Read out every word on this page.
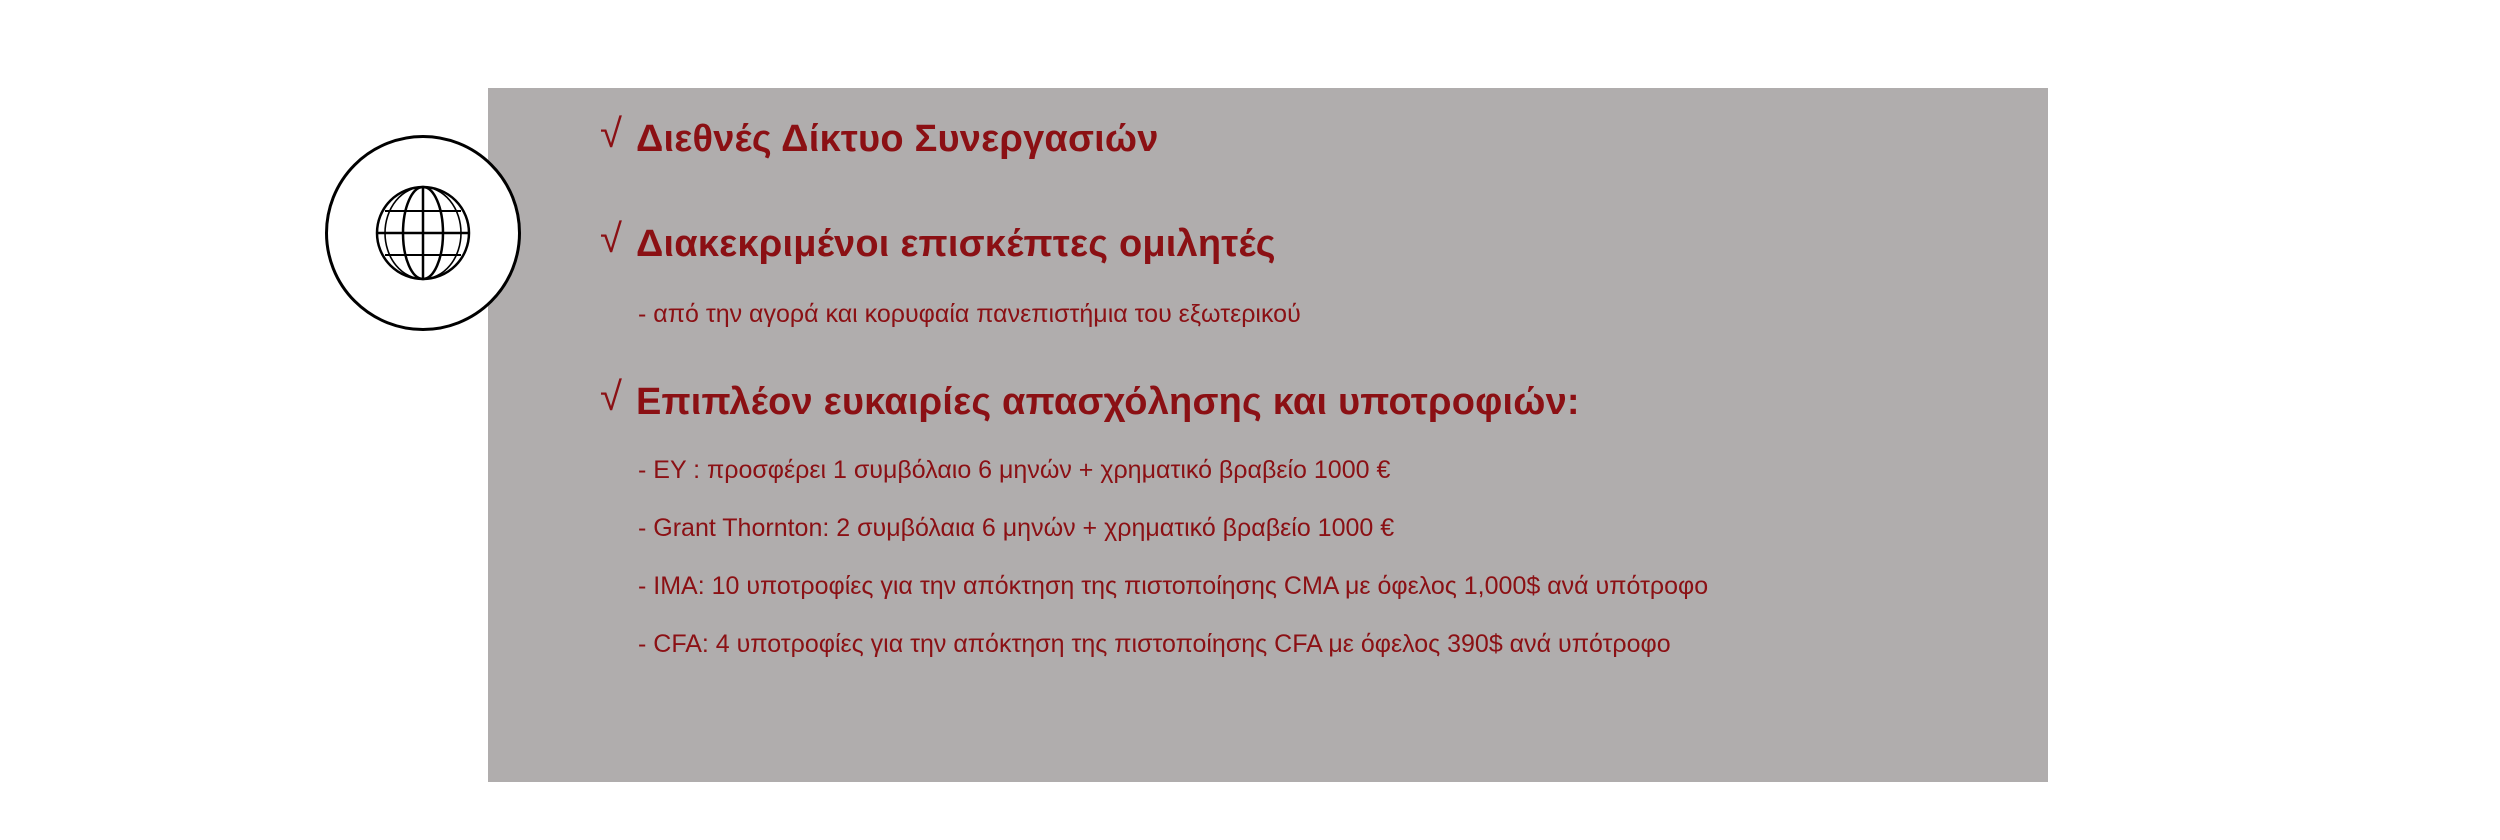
√ Διεθνές Δίκτυο Συνεργασιών
√ Διακεκριμένοι επισκέπτες ομιλητές
- από την αγορά και κορυφαία πανεπιστήμια του εξωτερικού
√ Επιπλέον ευκαιρίες απασχόλησης και υποτροφιών:
- EY : προσφέρει 1 συμβόλαιο 6 μηνών + χρηματικό βραβείο 1000 €
- Grant Thornton: 2 συμβόλαια 6 μηνών + χρηματικό βραβείο 1000 €
- IMA: 10 υποτροφίες για την απόκτηση της πιστοποίησης CMA με όφελος 1,000$ ανά υπότροφο
- CFA: 4 υποτροφίες για την απόκτηση της πιστοποίησης CFA με όφελος 390$ ανά υπότροφο
